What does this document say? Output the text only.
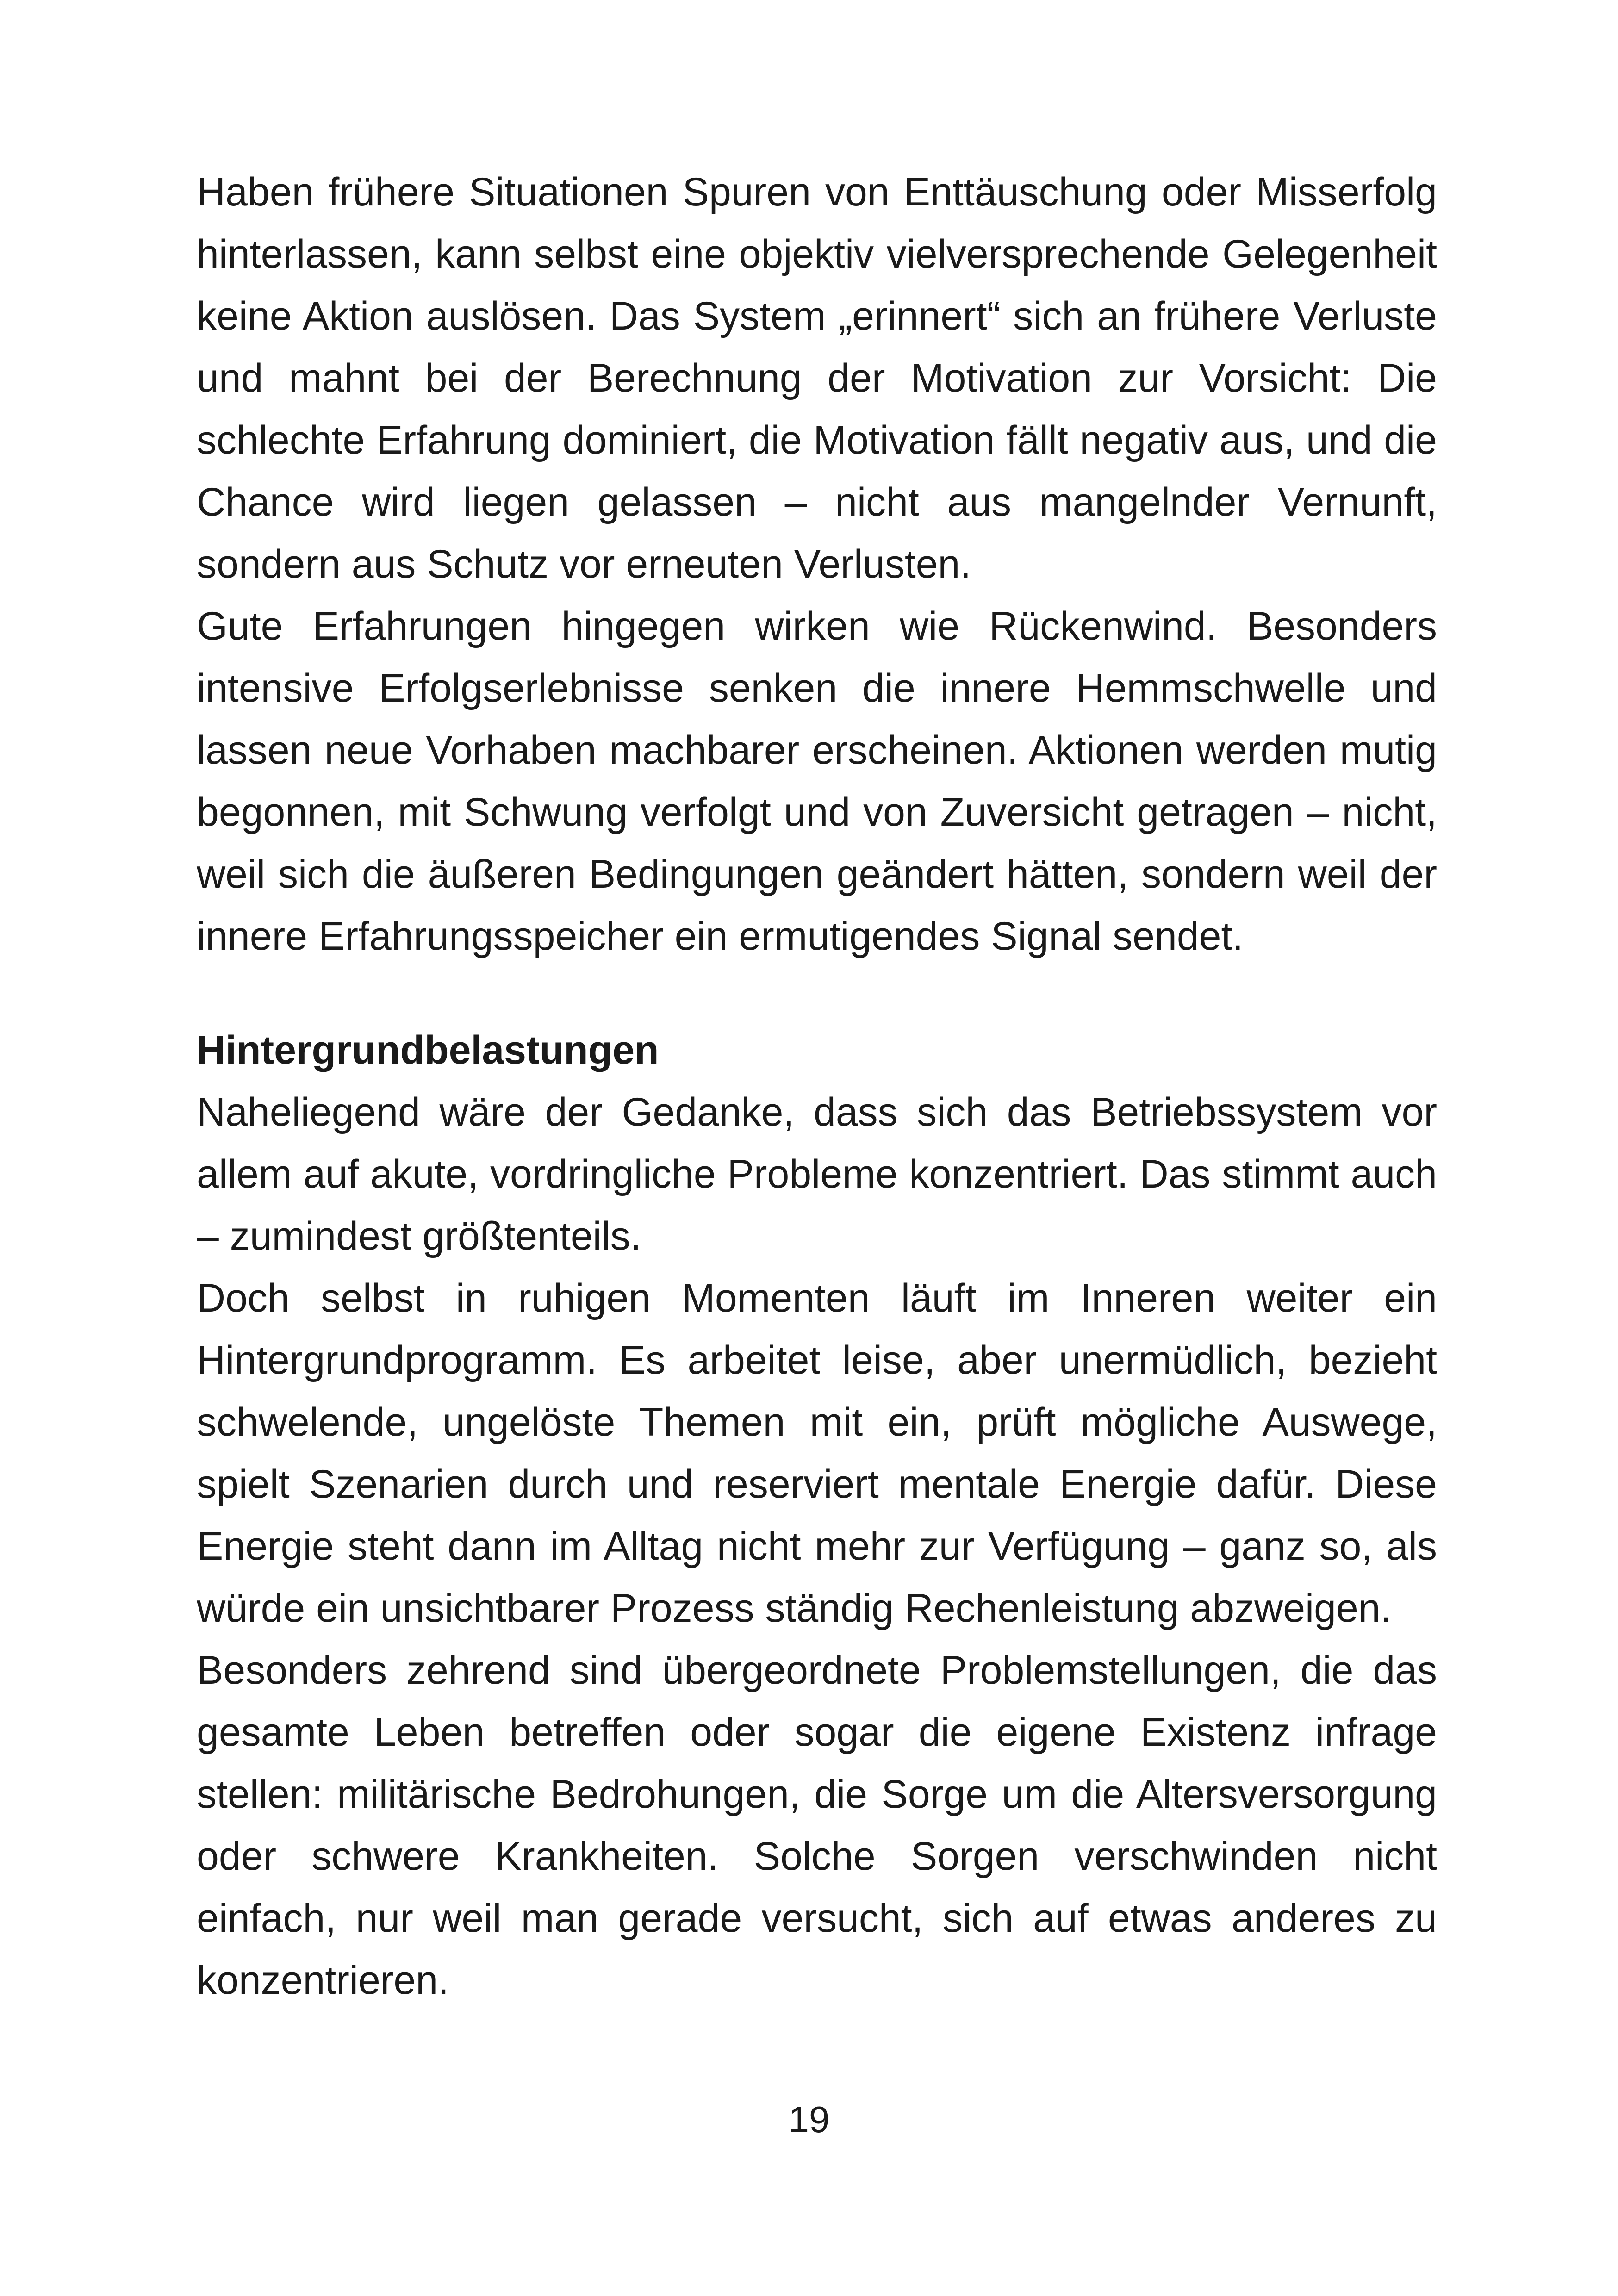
Haben frühere Situationen Spuren von Enttäuschung oder Misserfolg hinterlassen, kann selbst eine objektiv vielversprechende Gelegenheit keine Aktion auslösen. Das System „erinnert“ sich an frühere Verluste und mahnt bei der Berechnung der Motivation zur Vorsicht: Die schlechte Erfahrung dominiert, die Motivation fällt negativ aus, und die Chance wird liegen gelassen – nicht aus mangelnder Vernunft, sondern aus Schutz vor erneuten Verlusten.

Gute Erfahrungen hingegen wirken wie Rückenwind. Besonders intensive Erfolgserlebnisse senken die innere Hemmschwelle und lassen neue Vorhaben machbarer erscheinen. Aktionen werden mutig begonnen, mit Schwung verfolgt und von Zuversicht getragen – nicht, weil sich die äußeren Bedingungen geändert hätten, sondern weil der innere Erfahrungsspeicher ein ermutigendes Signal sendet.

Hintergrundbelastungen

Naheliegend wäre der Gedanke, dass sich das Betriebssystem vor allem auf akute, vordringliche Probleme konzentriert. Das stimmt auch – zumindest größtenteils.

Doch selbst in ruhigen Momenten läuft im Inneren weiter ein Hintergrundprogramm. Es arbeitet leise, aber unermüdlich, bezieht schwelende, ungelöste Themen mit ein, prüft mögliche Auswege, spielt Szenarien durch und reserviert mentale Energie dafür. Diese Energie steht dann im Alltag nicht mehr zur Verfügung – ganz so, als würde ein unsichtbarer Prozess ständig Rechenleistung abzweigen.

Besonders zehrend sind übergeordnete Problemstellungen, die das gesamte Leben betreffen oder sogar die eigene Existenz infrage stellen: militärische Bedrohungen, die Sorge um die Altersversorgung oder schwere Krankheiten. Solche Sorgen verschwinden nicht einfach, nur weil man gerade versucht, sich auf etwas anderes zu konzentrieren.

19
